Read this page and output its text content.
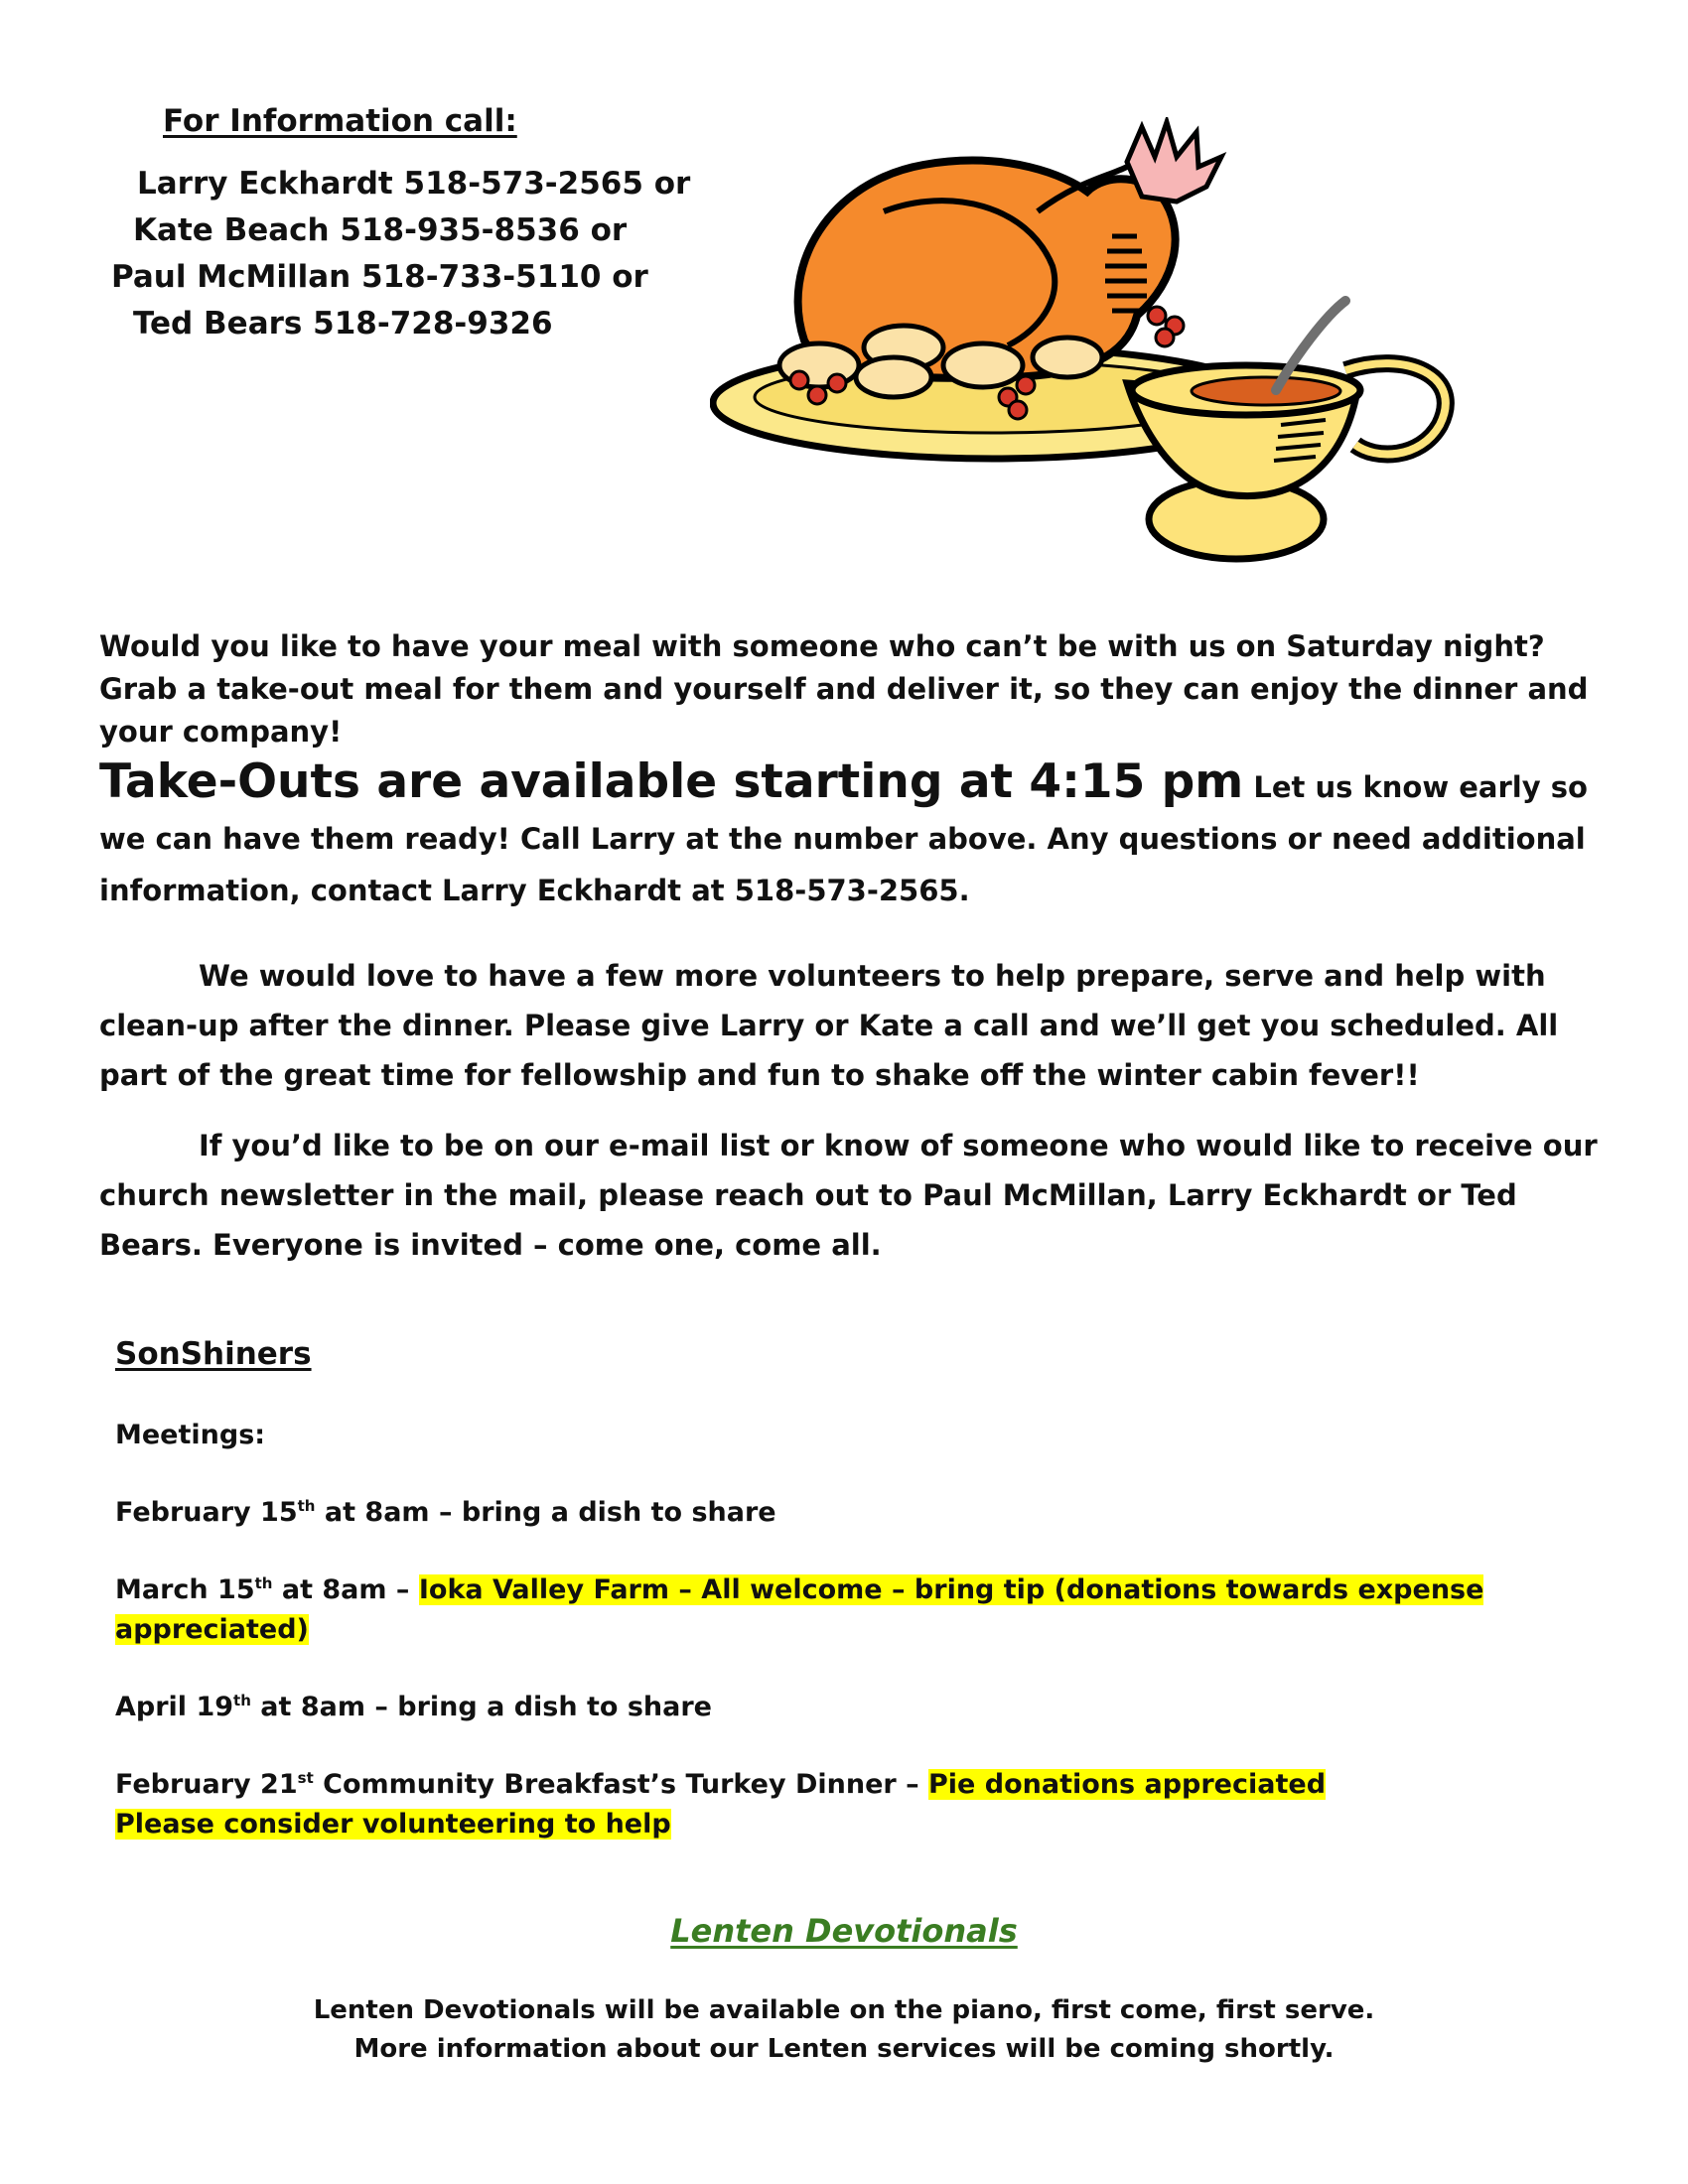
For Information call:
Larry Eckhardt 518-573-2565 or
Kate Beach 518-935-8536 or
Paul McMillan 518-733-5110 or
Ted Bears 518-728-9326
Would you like to have your meal with someone who can’t be with us on Saturday night? Grab a take-out meal for them and yourself and deliver it, so they can enjoy the dinner and your company!
Take-Outs are available starting at 4:15 pm Let us know early so we can have them ready! Call Larry at the number above. Any questions or need additional information, contact Larry Eckhardt at 518-573-2565.
We would love to have a few more volunteers to help prepare, serve and help with clean-up after the dinner. Please give Larry or Kate a call and we’ll get you scheduled. All part of the great time for fellowship and fun to shake off the winter cabin fever!!
If you’d like to be on our e-mail list or know of someone who would like to receive our church newsletter in the mail, please reach out to Paul McMillan, Larry Eckhardt or Ted Bears. Everyone is invited – come one, come all.
SonShiners
Meetings:
February 15th at 8am – bring a dish to share
March 15th at 8am – Ioka Valley Farm – All welcome – bring tip (donations towards expense appreciated)
April 19th at 8am – bring a dish to share
February 21st Community Breakfast’s Turkey Dinner – Pie donations appreciated
Please consider volunteering to help
Lenten Devotionals
Lenten Devotionals will be available on the piano, first come, first serve.
More information about our Lenten services will be coming shortly.
